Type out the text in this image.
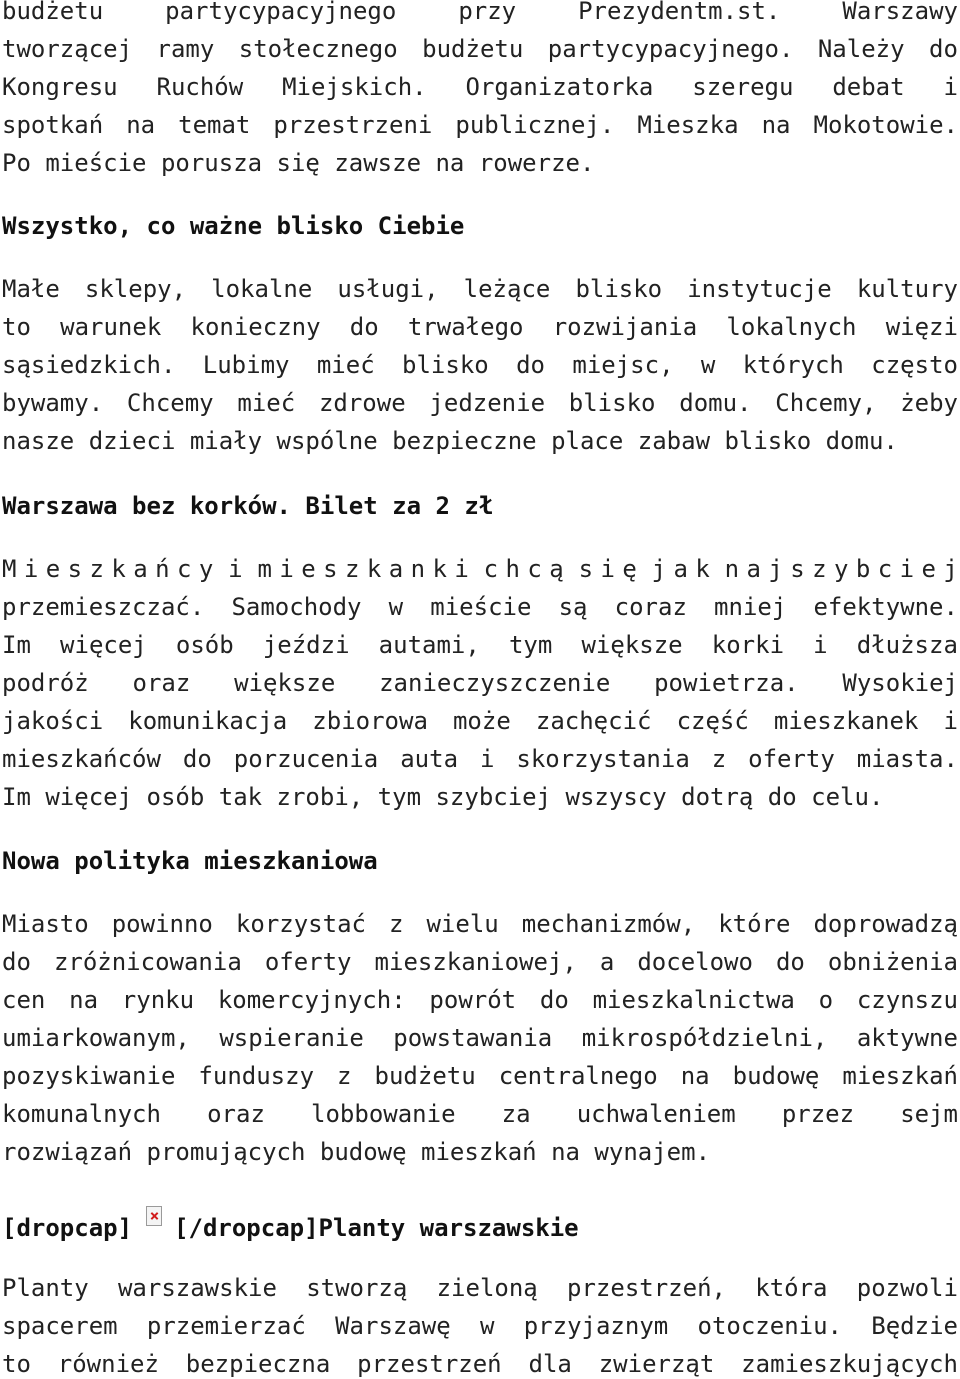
budżetu	partycypacyjnego	przy	Prezydentm.st.	Warszawy
tworzącej ramy stołecznego budżetu partycypacyjnego. Należy do
Kongresu Ruchów Miejskich. Organizatorka szeregu debat i
spotkań na temat przestrzeni publicznej. Mieszka na Mokotowie.
Po mieście porusza się zawsze na rowerze.
Wszystko, co ważne blisko Ciebie
Małe sklepy, lokalne usługi, leżące blisko instytucje kultury
to warunek konieczny do trwałego rozwijania lokalnych więzi
sąsiedzkich. Lubimy mieć blisko do miejsc, w których często
bywamy. Chcemy mieć zdrowe jedzenie blisko domu. Chcemy, żeby
nasze dzieci miały wspólne bezpieczne place zabaw blisko domu.
Warszawa bez korków. Bilet za 2 zł
M i e s z k a ń c y i m i e s z k a n k i c h c ą s i ę j a k n a j s z y b c i e j
przemieszczać. Samochody w mieście są coraz mniej efektywne.
Im więcej osób jeździ autami, tym większe korki i dłuższa
podróż oraz większe zanieczyszczenie powietrza. Wysokiej
jakości komunikacja zbiorowa może zachęcić część mieszkanek i
mieszkańców do porzucenia auta i skorzystania z oferty miasta.
Im więcej osób tak zrobi, tym szybciej wszyscy dotrą do celu.
Nowa polityka mieszkaniowa
Miasto powinno korzystać z wielu mechanizmów, które doprowadzą
do zróżnicowania oferty mieszkaniowej, a docelowo do obniżenia
cen na rynku komercyjnych: powrót do mieszkalnictwa o czynszu
umiarkowanym, wspieranie powstawania mikrospółdzielni, aktywne
pozyskiwanie funduszy z budżetu centralnego na budowę mieszkań
komunalnych oraz lobbowanie za uchwaleniem przez sejm
rozwiązań promujących budowę mieszkań na wynajem.
[dropcap] [/dropcap]Planty warszawskie
Planty warszawskie stworzą zieloną przestrzeń, która pozwoli
spacerem przemierzać Warszawę w przyjaznym otoczeniu. Będzie
to również bezpieczna przestrzeń dla zwierząt zamieszkujących
